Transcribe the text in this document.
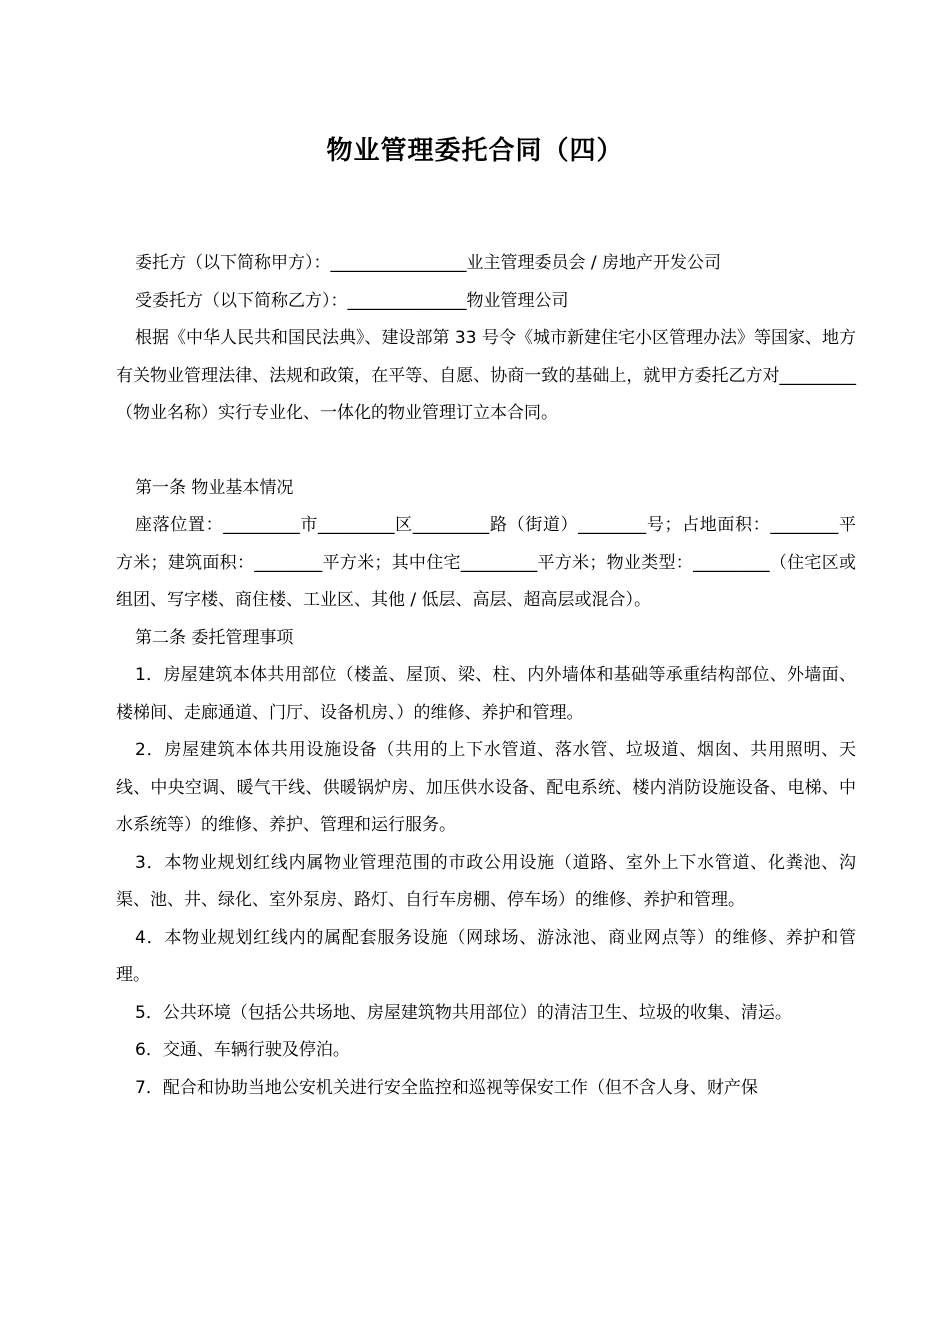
物业管理委托合同（四）

委托方（以下简称甲方）：________________业主管理委员会 / 房地产开发公司

受委托方（以下简称乙方）：______________物业管理公司

根据《中华人民共和国民法典》、建设部第 33 号令《城市新建住宅小区管理办法》等国家、地方有关物业管理法律、法规和政策，在平等、自愿、协商一致的基础上，就甲方委托乙方对_________（物业名称）实行专业化、一体化的物业管理订立本合同。

第一条 物业基本情况

座落位置：_________市_________区_________路（街道）________号；占地面积：________平方米；建筑面积：________平方米；其中住宅_________平方米；物业类型：_________（住宅区或组团、写字楼、商住楼、工业区、其他 / 低层、高层、超高层或混合）。

第二条 委托管理事项

1．房屋建筑本体共用部位（楼盖、屋顶、梁、柱、内外墙体和基础等承重结构部位、外墙面、楼梯间、走廊通道、门厅、设备机房、）的维修、养护和管理。

2．房屋建筑本体共用设施设备（共用的上下水管道、落水管、垃圾道、烟囱、共用照明、天线、中央空调、暖气干线、供暖锅炉房、加压供水设备、配电系统、楼内消防设施设备、电梯、中水系统等）的维修、养护、管理和运行服务。

3．本物业规划红线内属物业管理范围的市政公用设施（道路、室外上下水管道、化粪池、沟渠、池、井、绿化、室外泵房、路灯、自行车房棚、停车场）的维修、养护和管理。

4．本物业规划红线内的属配套服务设施（网球场、游泳池、商业网点等）的维修、养护和管理。

5．公共环境（包括公共场地、房屋建筑物共用部位）的清洁卫生、垃圾的收集、清运。

6．交通、车辆行驶及停泊。

7．配合和协助当地公安机关进行安全监控和巡视等保安工作（但不含人身、财产保
